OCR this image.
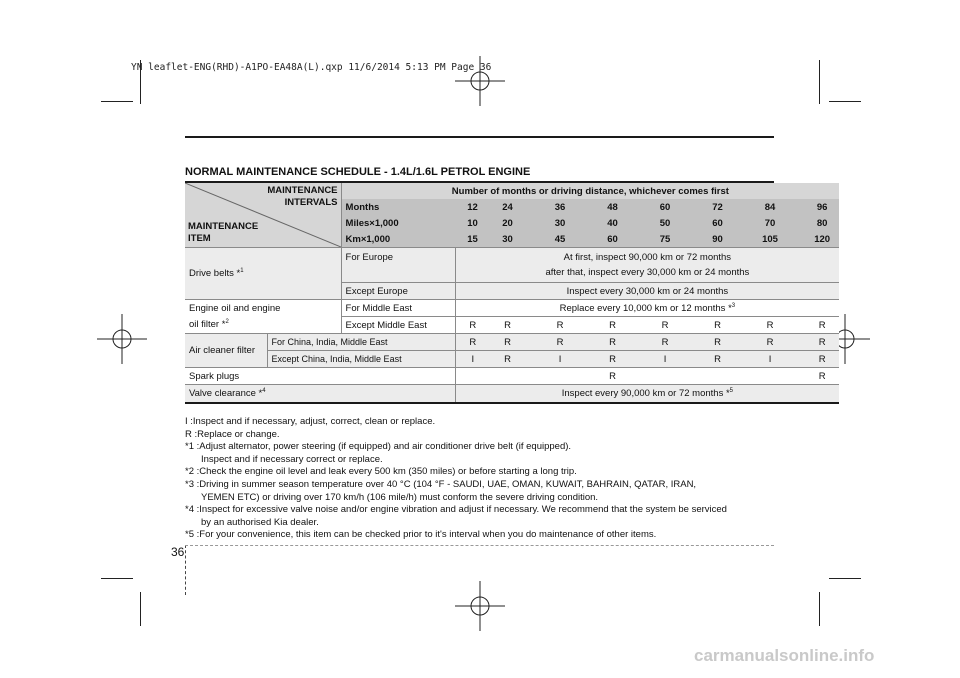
YN leaflet-ENG(RHD)-A1PO-EA48A(L).qxp 11/6/2014 5:13 PM Page 36
NORMAL MAINTENANCE SCHEDULE - 1.4L/1.6L PETROL ENGINE
MAINTENANCE
INTERVALS
MAINTENANCE
ITEM		Number of months or driving distance, whichever comes first								
		Months	12	24	36	48	60	72	84	96
		Miles×1,000	10	20	30	40	50	60	70	80
		Km×1,000	15	30	45	60	75	90	105	120
Drive belts *$^1$		For Europe	At first, inspect 90,000 km or 72 months
after that, inspect every 30,000 km or 24 months							

		Except Europe	Inspect every 30,000 km or 24 months							
Engine oil and engine		For Middle East	Replace every 10,000 km or 12 months *$^3$
oil filter *$^2$		Except Middle East	R	R	R	R	R	R	R	R
Air cleaner filter	For China, India, Middle East		R	R	R	R	R	R	R	R
	Except China, India, Middle East		I	R	I	R	I	R	I	R
Spark plugs						R				R
Valve clearance *$^4$			Inspect every 90,000 km or 72 months *$^5$
I : Inspect and if necessary, adjust, correct, clean or replace.
R : Replace or change.
*1 : Adjust alternator, power steering (if equipped) and air conditioner drive belt (if equipped).
Inspect and if necessary correct or replace.
*2 : Check the engine oil level and leak every 500 km (350 miles) or before starting a long trip.
*3 : Driving in summer season temperature over 40 °C (104 °F - SAUDI, UAE, OMAN, KUWAIT, BAHRAIN, QATAR, IRAN,
YEMEN ETC) or driving over 170 km/h (106 mile/h) must conform the severe driving condition.
*4 : Inspect for excessive valve noise and/or engine vibration and adjust if necessary. We recommend that the system be serviced
by an authorised Kia dealer.
*5 : For your convenience, this item can be checked prior to it's interval when you do maintenance of other items.
36
carmanualsonline.info
